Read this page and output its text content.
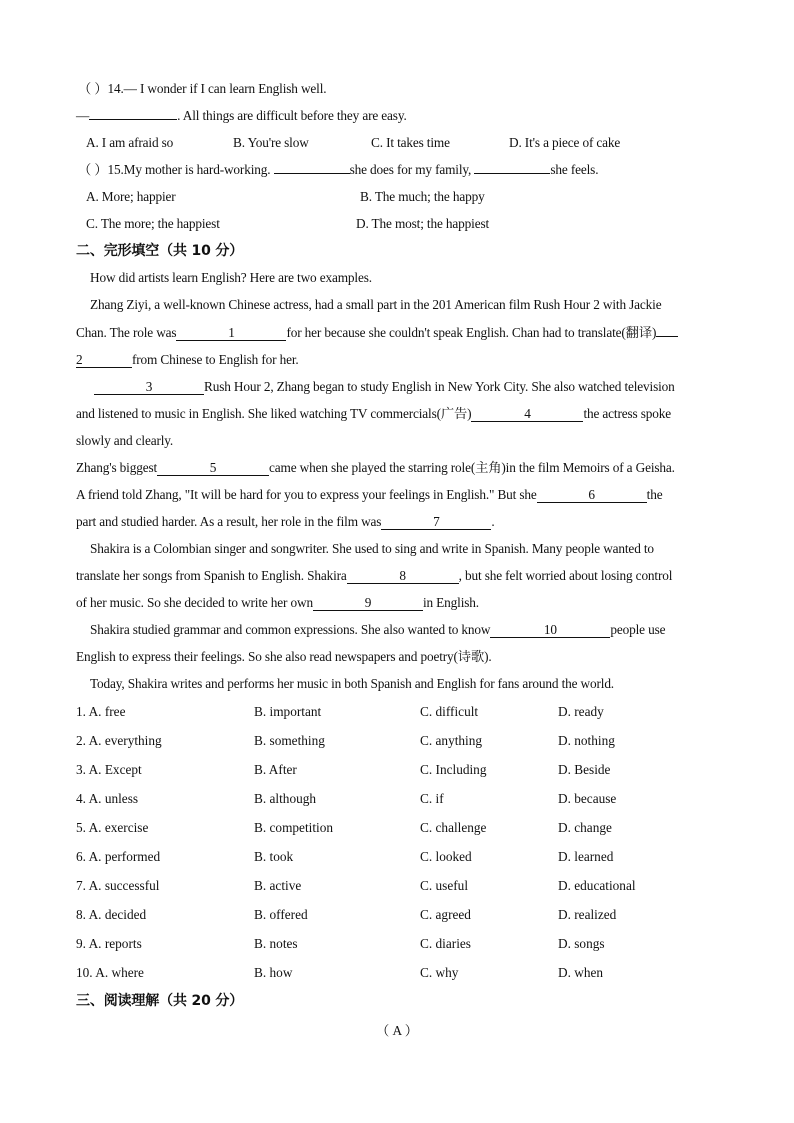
（ ）14.— I wonder if I can learn English well.
—	. All things are difficult before they are easy.
A. I am afraid so	B. You're slow	C. It takes time	D. It's a piece of cake
（ ）15.My mother is hard-working.	she does for my family,	she feels.
A. More; happier	B. The much; the happy
C. The more; the happiest	D. The most; the happiest
二、完形填空（共 10 分）
How did artists learn English? Here are two examples.
Zhang Ziyi, a well-known Chinese actress, had a small part in the 201 American film Rush Hour 2 with Jackie
Chan. The role was	1	for her because she couldn't speak English. Chan had to translate(翻译)
2	from Chinese to English for her.
3	Rush Hour 2, Zhang began to study English in New York City. She also watched television
and listened to music in English. She liked watching TV commercials(广告)	4	the actress spoke
slowly and clearly.
Zhang's biggest	5	came when she played the starring role(主角)in the film Memoirs of a Geisha.
A friend told Zhang, "It will be hard for you to express your feelings in English." But she	6	the
part and studied harder. As a result, her role in the film was	7	.
Shakira is a Colombian singer and songwriter. She used to sing and write in Spanish. Many people wanted to
translate her songs from Spanish to English. Shakira	8	, but she felt worried about losing control
of her music. So she decided to write her own	9	in English.
Shakira studied grammar and common expressions. She also wanted to know	10	people use
English to express their feelings. So she also read newspapers and poetry(诗歌).
Today, Shakira writes and performs her music in both Spanish and English for fans around the world.
1. A. free	B. important	C. difficult	D. ready
2. A. everything	B. something	C. anything	D. nothing
3. A. Except	B. After	C. Including	D. Beside
4. A. unless	B. although	C. if	D. because
5. A. exercise	B. competition	C. challenge	D. change
6. A. performed	B. took	C. looked	D. learned
7. A. successful	B. active	C. useful	D. educational
8. A. decided	B. offered	C. agreed	D. realized
9. A. reports	B. notes	C. diaries	D. songs
10. A. where	B. how	C. why	D. when
三、阅读理解（共 20 分）
（ A ）
